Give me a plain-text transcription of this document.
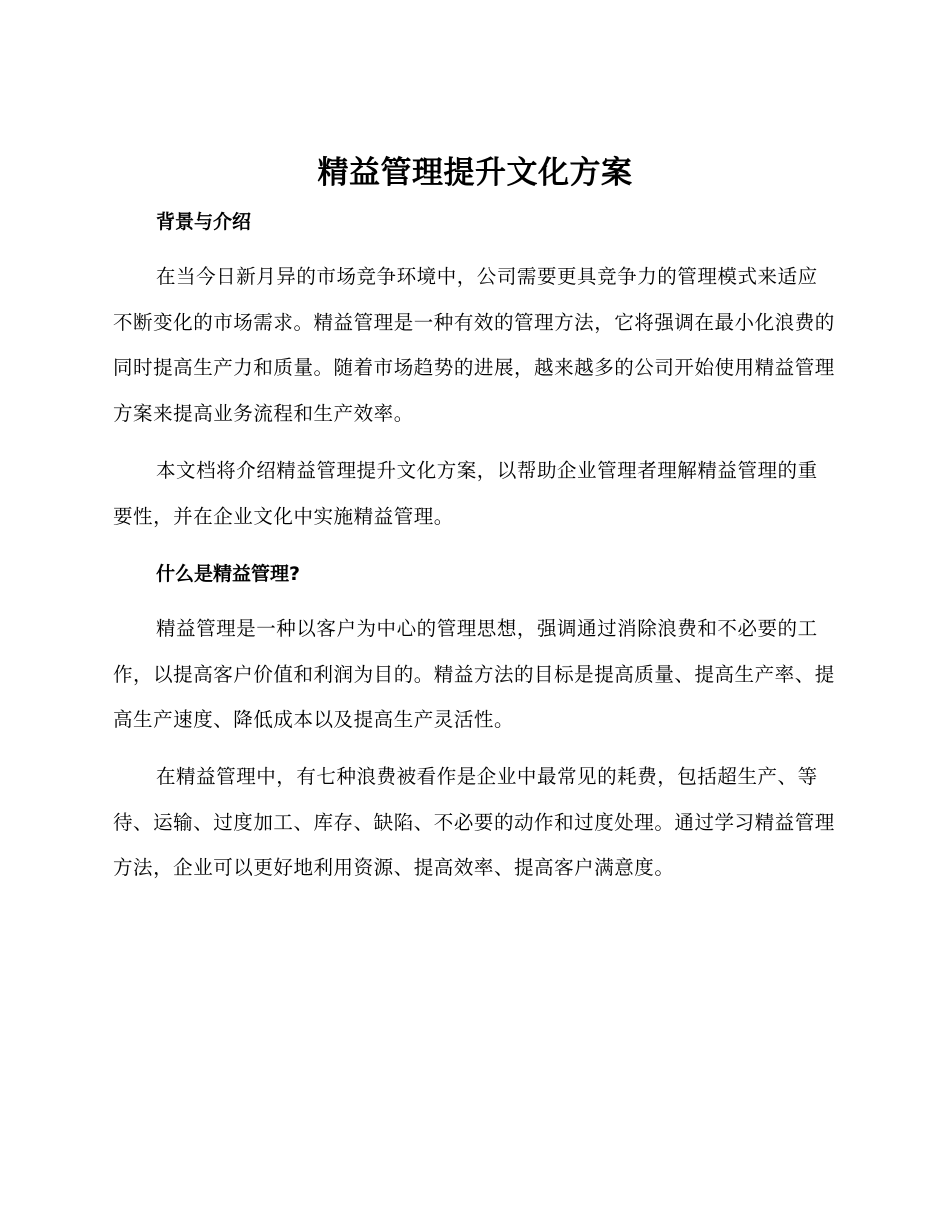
精益管理提升文化方案
背景与介绍

在当今日新月异的市场竞争环境中，公司需要更具竞争力的管理模式来适应不断变化的市场需求。精益管理是一种有效的管理方法，它将强调在最小化浪费的同时提高生产力和质量。随着市场趋势的进展，越来越多的公司开始使用精益管理方案来提高业务流程和生产效率。

本文档将介绍精益管理提升文化方案，以帮助企业管理者理解精益管理的重要性，并在企业文化中实施精益管理。

什么是精益管理?

精益管理是一种以客户为中心的管理思想，强调通过消除浪费和不必要的工作，以提高客户价值和利润为目的。精益方法的目标是提高质量、提高生产率、提高生产速度、降低成本以及提高生产灵活性。

在精益管理中，有七种浪费被看作是企业中最常见的耗费，包括超生产、等待、运输、过度加工、库存、缺陷、不必要的动作和过度处理。通过学习精益管理方法，企业可以更好地利用资源、提高效率、提高客户满意度。
